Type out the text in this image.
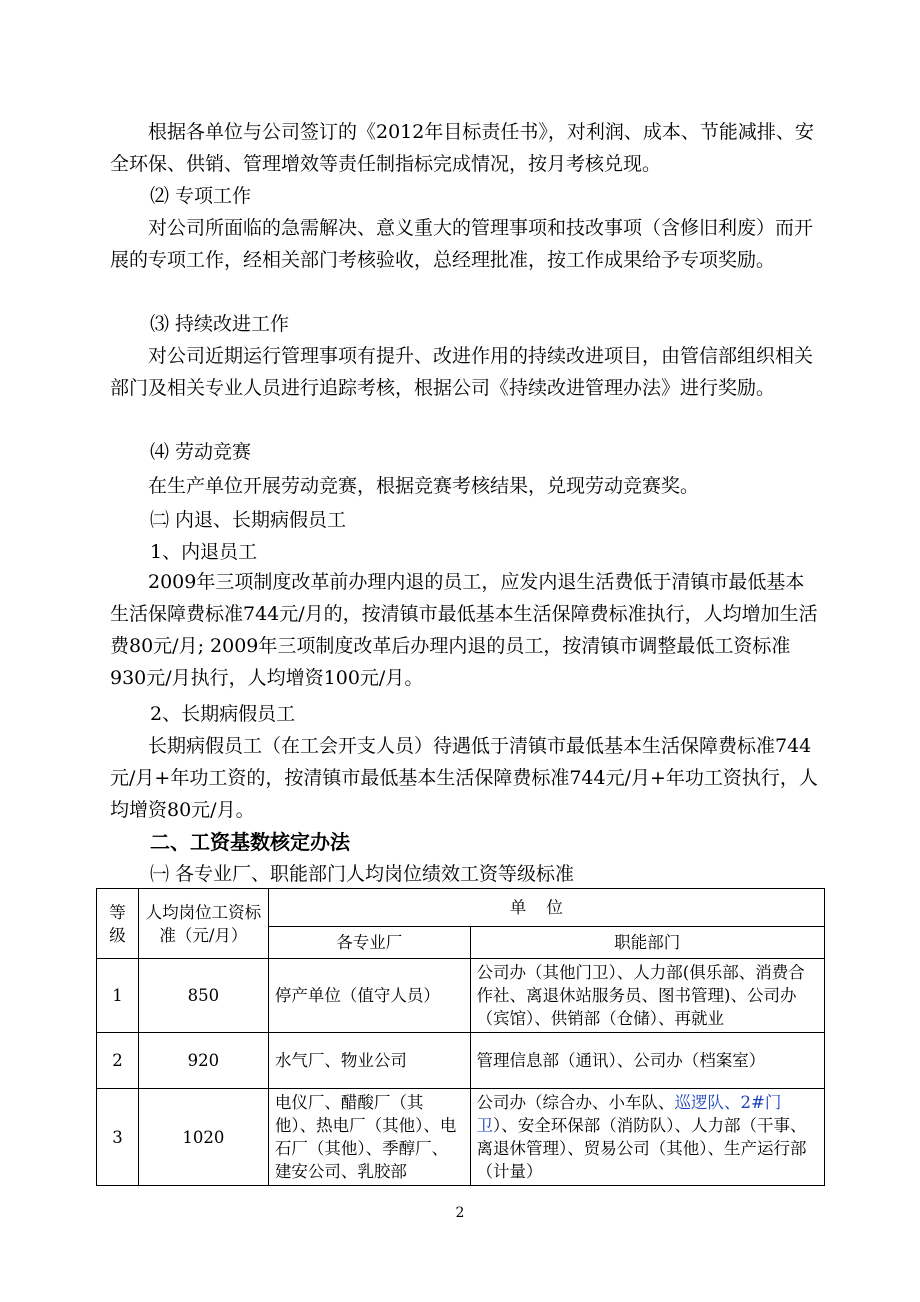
根据各单位与公司签订的《2012年目标责任书》，对利润、成本、节能减排、安全环保、供销、管理增效等责任制指标完成情况，按月考核兑现。

⑵ 专项工作

对公司所面临的急需解决、意义重大的管理事项和技改事项（含修旧利废）而开展的专项工作，经相关部门考核验收，总经理批准，按工作成果给予专项奖励。

⑶ 持续改进工作

对公司近期运行管理事项有提升、改进作用的持续改进项目，由管信部组织相关部门及相关专业人员进行追踪考核，根据公司《持续改进管理办法》进行奖励。

⑷ 劳动竞赛

在生产单位开展劳动竞赛，根据竞赛考核结果，兑现劳动竞赛奖。

㈡ 内退、长期病假员工

1、内退员工

2009年三项制度改革前办理内退的员工，应发内退生活费低于清镇市最低基本生活保障费标准744元/月的，按清镇市最低基本生活保障费标准执行，人均增加生活费80元/月; 2009年三项制度改革后办理内退的员工，按清镇市调整最低工资标准930元/月执行，人均增资100元/月。

2、长期病假员工

长期病假员工（在工会开支人员）待遇低于清镇市最低基本生活保障费标准744元/月+年功工资的，按清镇市最低基本生活保障费标准744元/月+年功工资执行，人均增资80元/月。

二、工资基数核定办法

㈠ 各专业厂、职能部门人均岗位绩效工资等级标准

等级	人均岗位工资标准（元/月）	单位	
		各专业厂	职能部门
1	850	停产单位（值守人员）	公司办（其他门卫）、人力部(俱乐部、消费合作社、离退休站服务员、图书管理)、公司办（宾馆）、供销部（仓储）、再就业
2	920	水气厂、物业公司	管理信息部（通讯）、公司办（档案室）
3	1020	电仪厂、醋酸厂（其他）、热电厂（其他）、电石厂（其他）、季醇厂、建安公司、乳胶部	公司办（综合办、小车队、巡逻队、2#门卫）、安全环保部（消防队）、人力部（干事、离退休管理）、贸易公司（其他）、生产运行部（计量）
2
